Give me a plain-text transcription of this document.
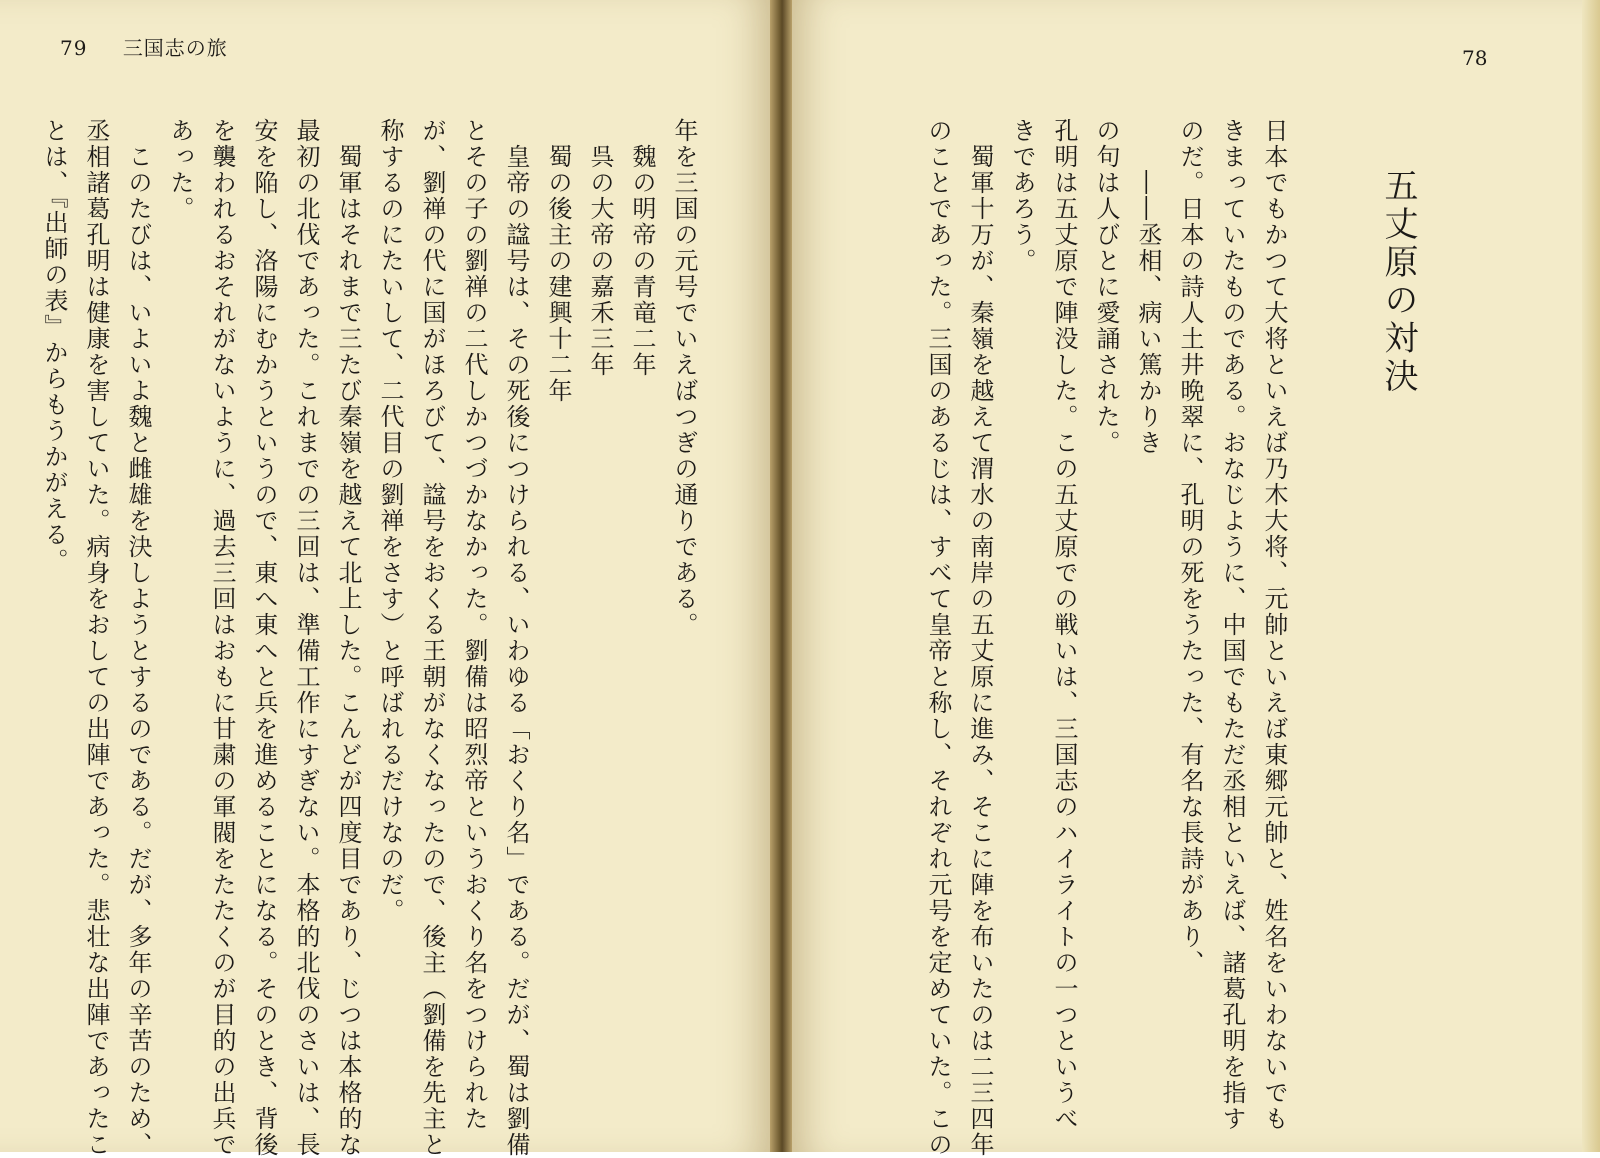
79 三国志の旅

年を三国の元号でいえばつぎの通りである。

　魏の明帝の青竜二年

　呉の大帝の嘉禾三年

　蜀の後主の建興十二年

　皇帝の諡号は、その死後につけられる、いわゆる「おくり名」である。だが、蜀は劉備

とその子の劉禅の二代しかつづかなかった。劉備は昭烈帝というおくり名をつけられた

が、劉禅の代に国がほろびて、諡号をおくる王朝がなくなったので、後主（劉備を先主と

称するのにたいして、二代目の劉禅をさす）と呼ばれるだけなのだ。

　蜀軍はそれまで三たび秦嶺を越えて北上した。こんどが四度目であり、じつは本格的な

最初の北伐であった。これまでの三回は、準備工作にすぎない。本格的北伐のさいは、長

安を陥し、洛陽にむかうというので、東へ東へと兵を進めることになる。そのとき、背後

を襲われるおそれがないように、過去三回はおもに甘粛の軍閥をたたくのが目的の出兵で

あった。

　このたびは、いよいよ魏と雌雄を決しようとするのである。だが、多年の辛苦のため、

丞相諸葛孔明は健康を害していた。病身をおしての出陣であった。悲壮な出陣であったこ

とは、『出師の表』からもうかがえる。

78
五丈原の対決

日本でもかつて大将といえば乃木大将、元帥といえば東郷元帥と、姓名をいわないでも

きまっていたものである。おなじように、中国でもただ丞相といえば、諸葛孔明を指す

のだ。日本の詩人土井晩翠に、孔明の死をうたった、有名な長詩があり、

　　――丞相、病い篤かりき

の句は人びとに愛誦された。

孔明は五丈原で陣没した。この五丈原での戦いは、三国志のハイライトの一つというべ

きであろう。

　蜀軍十万が、秦嶺を越えて渭水の南岸の五丈原に進み、そこに陣を布いたのは二三四年

のことであった。三国のあるじは、すべて皇帝と称し、それぞれ元号を定めていた。この
